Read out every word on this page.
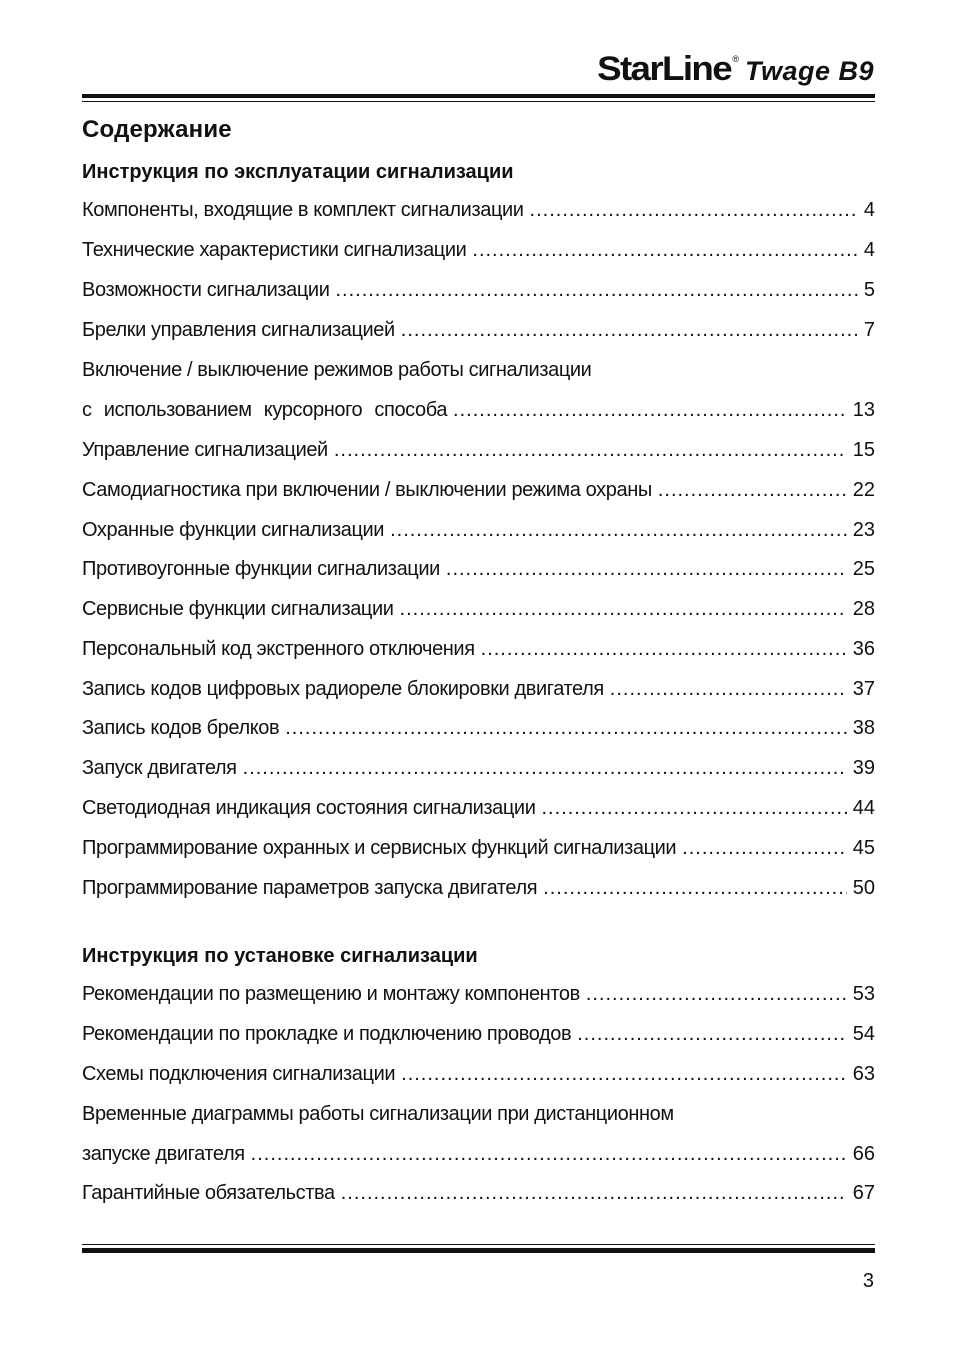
StarLine ® Twage B9
Содержание
Инструкция по эксплуатации сигнализации
Компоненты, входящие в комплект сигнализации .....	4
Технические характеристики сигнализации .....	4
Возможности сигнализации .....	5
Брелки управления сигнализацией .....	7
Включение / выключение режимов работы сигнализации
с использованием курсорного способа .....	13
Управление сигнализацией .....	15
Самодиагностика при включении / выключении режима охраны .....	22
Охранные функции сигнализации .....	23
Противоугонные функции сигнализации .....	25
Сервисные функции сигнализации .....	28
Персональный код экстренного отключения .....	36
Запись кодов цифровых радиореле блокировки двигателя .....	37
Запись кодов брелков .....	38
Запуск двигателя .....	39
Светодиодная индикация состояния сигнализации .....	44
Программирование охранных и сервисных функций сигнализации .....	45
Программирование параметров запуска двигателя .....	50
Инструкция по установке сигнализации
Рекомендации по размещению и монтажу компонентов .....	53
Рекомендации по прокладке и подключению проводов .....	54
Схемы подключения сигнализации .....	63
Временные диаграммы работы сигнализации при дистанционном
запуске двигателя .....	66
Гарантийные обязательства .....	67
3
